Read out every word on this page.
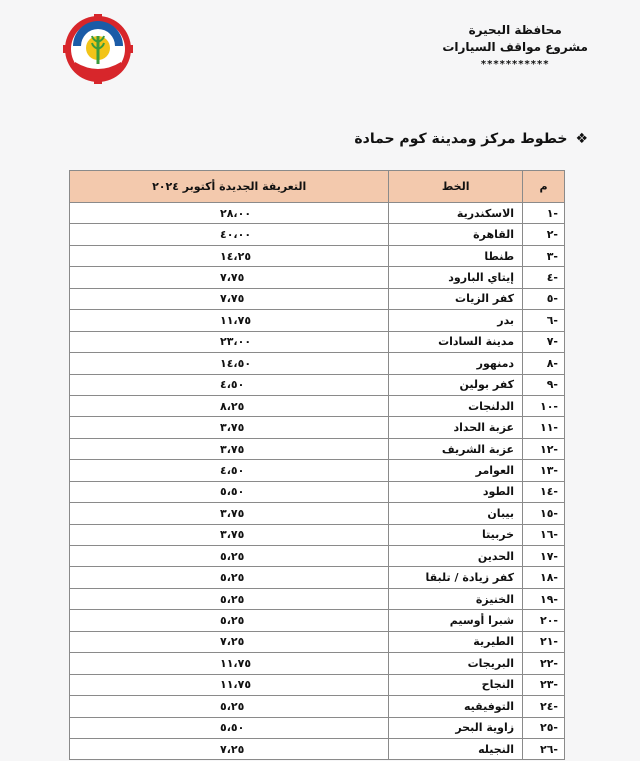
محافظة البحيرة
مشروع مواقف السيارات
***********
❖
خطوط مركز ومدينة كوم حمادة
م	الخط	التعريفة الجديدة أكتوبر ٢٠٢٤
-١	الاسكندرية	٢٨،٠٠
-٢	القاهرة	٤٠،٠٠
-٣	طنطا	١٤،٢٥
-٤	إيتاي البارود	٧،٧٥
-٥	كفر الزيات	٧،٧٥
-٦	بدر	١١،٧٥
-٧	مدينة السادات	٢٣،٠٠
-٨	دمنهور	١٤،٥٠
-٩	كفر بولين	٤،٥٠
-١٠	الدلنجات	٨،٢٥
-١١	عزبة الحداد	٣،٧٥
-١٢	عزبة الشريف	٣،٧٥
-١٣	العوامر	٤،٥٠
-١٤	الطود	٥،٥٠
-١٥	بيبان	٣،٧٥
-١٦	خربيتا	٣،٧٥
-١٧	الحدين	٥،٢٥
-١٨	كفر زيادة / تلبقا	٥،٢٥
-١٩	الخنيزة	٥،٢٥
-٢٠	شبرا أوسيم	٥،٢٥
-٢١	الطيرية	٧،٢٥
-٢٢	البريجات	١١،٧٥
-٢٣	النجاح	١١،٧٥
-٢٤	التوفيقيه	٥،٢٥
-٢٥	زاوية البحر	٥،٥٠
-٢٦	النجيله	٧،٢٥
